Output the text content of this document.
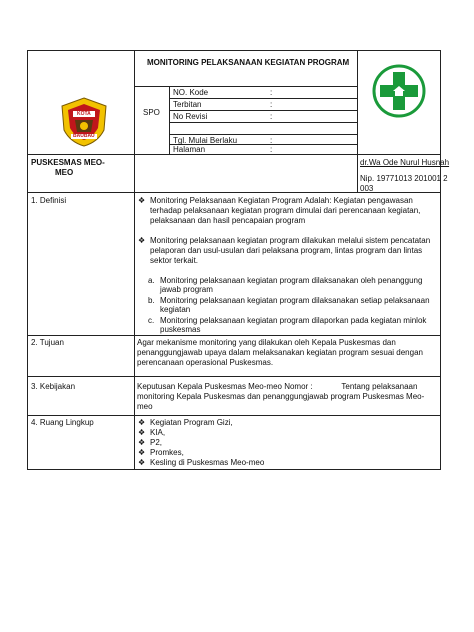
KOTA
BAUBAU
MONITORING PELAKSANAAN KEGIATAN PROGRAM
SPO
NO. Kode	:
Terbitan	:
No Revisi	:
Tgl. Mulai Berlaku	:
Halaman	:
PUSKESMAS MEO-
MEO
dr.Wa Ode Nurul Husnah
Nip. 19771013 201001 2
003
1. Definisi	❖ Monitoring Pelaksanaan Kegiatan Program Adalah: Kegiatan pengawasan
terhadap pelaksanaan kegiatan program dimulai dari perencanaan kegiatan,
pelaksanaan dan hasil pencapaian program
❖ Monitoring pelaksanaan kegiatan program dilakukan melalui sistem pencatatan
pelaporan dan usul-usulan dari pelaksana program, lintas program dan lintas
sektor terkait.
a. Monitoring pelaksanaan kegiatan program dilaksanakan oleh penanggung
jawab program
b. Monitoring pelaksanaan kegiatan program dilaksanakan setiap pelaksanaan
kegiatan
c. Monitoring pelaksanaan kegiatan program dilaporkan pada kegiatan minlok
puskesmas
2. Tujuan	Agar mekanisme monitoring yang dilakukan oleh Kepala Puskesmas dan
penanggungjawab upaya dalam melaksanakan kegiatan program sesuai dengan
perencanaan operasional Puskesmas.
3. Kebijakan	Keputusan Kepala Puskesmas Meo-meo Nomor :             Tentang pelaksanaan
monitoring Kepala Puskesmas dan penanggungjawab program Puskesmas Meo-
meo
4. Ruang Lingkup	❖ Kegiatan Program Gizi,
❖ KIA,
❖ P2,
❖ Promkes,
❖ Kesling di Puskesmas Meo-meo
